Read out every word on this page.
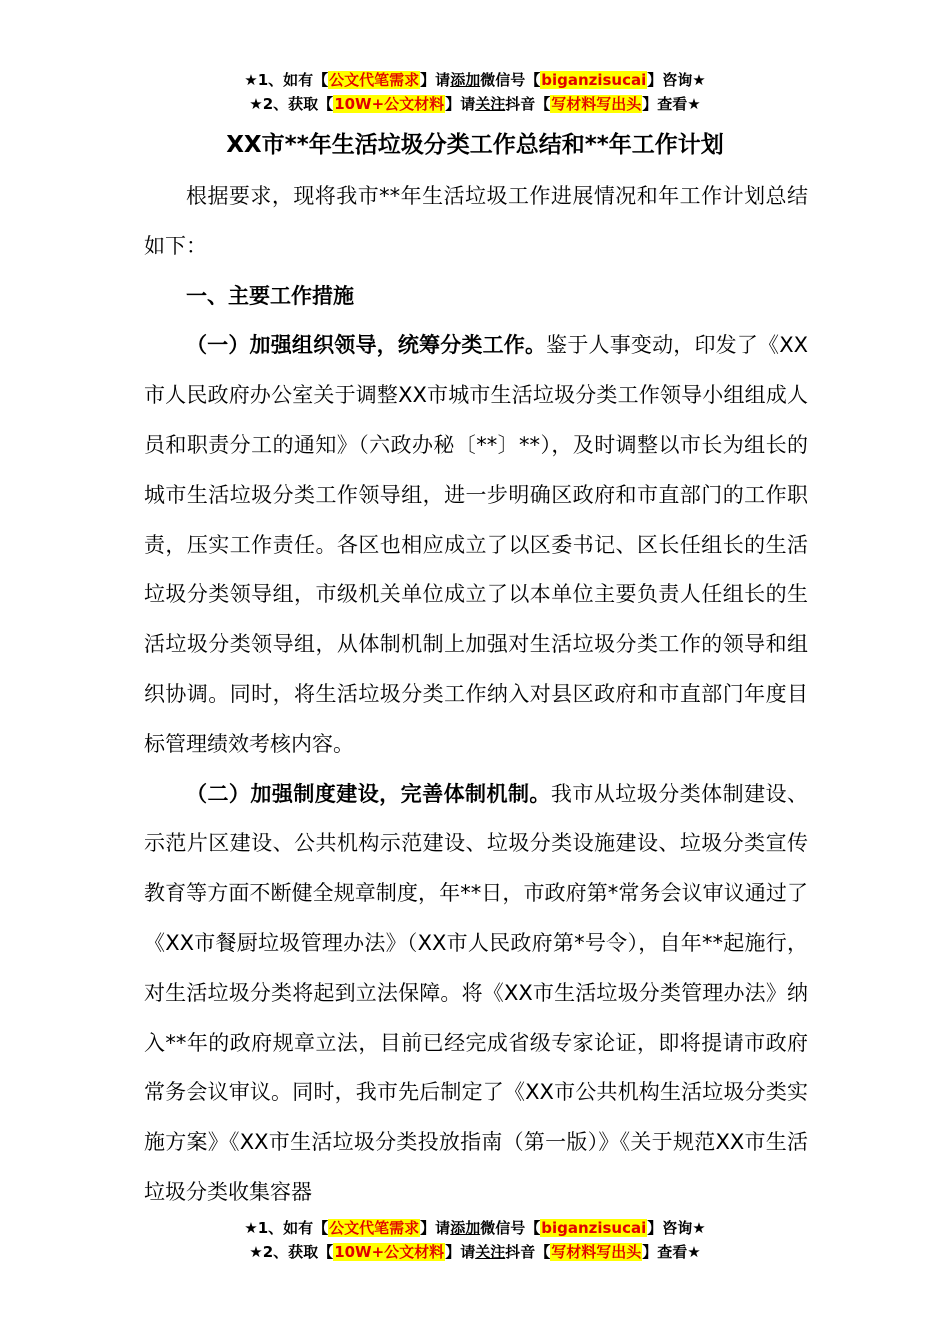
★1、如有【公文代笔需求】请添加微信号【biganzisucai】咨询★
★2、获取【10W+公文材料】请关注抖音【写材料写出头】查看★
XX市**年生活垃圾分类工作总结和**年工作计划

根据要求，现将我市**年生活垃圾工作进展情况和年工作计划总结如下：

一、主要工作措施

（一）加强组织领导，统筹分类工作。鉴于人事变动，印发了《XX市人民政府办公室关于调整XX市城市生活垃圾分类工作领导小组组成人员和职责分工的通知》（六政办秘〔**〕**），及时调整以市长为组长的城市生活垃圾分类工作领导组，进一步明确区政府和市直部门的工作职责，压实工作责任。各区也相应成立了以区委书记、区长任组长的生活垃圾分类领导组，市级机关单位成立了以本单位主要负责人任组长的生活垃圾分类领导组，从体制机制上加强对生活垃圾分类工作的领导和组织协调。同时，将生活垃圾分类工作纳入对县区政府和市直部门年度目标管理绩效考核内容。

（二）加强制度建设，完善体制机制。我市从垃圾分类体制建设、示范片区建设、公共机构示范建设、垃圾分类设施建设、垃圾分类宣传教育等方面不断健全规章制度，年**日，市政府第*常务会议审议通过了《XX市餐厨垃圾管理办法》（XX市人民政府第*号令），自年**起施行，对生活垃圾分类将起到立法保障。将《XX市生活垃圾分类管理办法》纳入**年的政府规章立法，目前已经完成省级专家论证，即将提请市政府常务会议审议。同时，我市先后制定了《XX市公共机构生活垃圾分类实施方案》《XX市生活垃圾分类投放指南（第一版）》《关于规范XX市生活垃圾分类收集容器

★1、如有【公文代笔需求】请添加微信号【biganzisucai】咨询★
★2、获取【10W+公文材料】请关注抖音【写材料写出头】查看★
